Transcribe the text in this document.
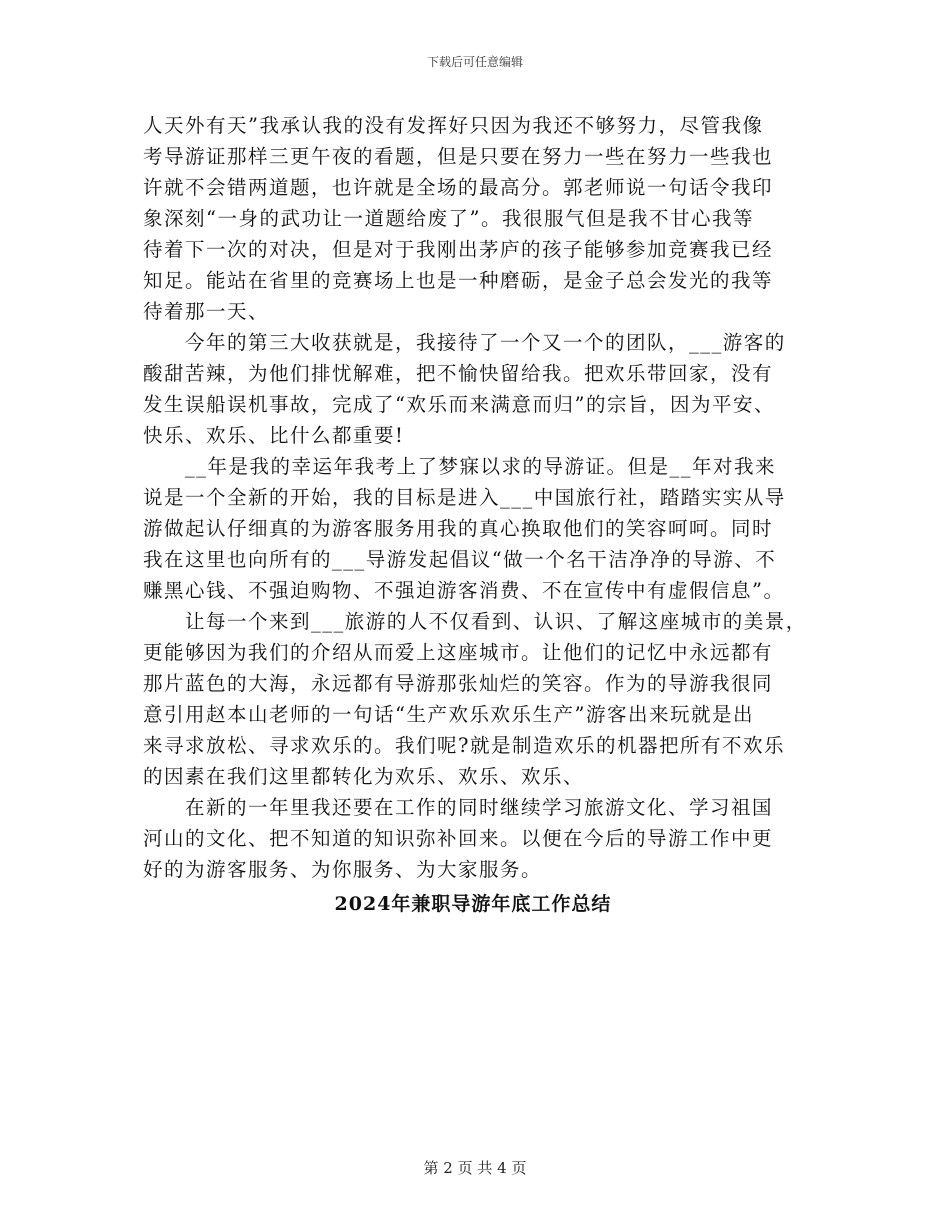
下载后可任意编辑
人天外有天”我承认我的没有发挥好只因为我还不够努力，尽管我像
考导游证那样三更午夜的看题，但是只要在努力一些在努力一些我也
许就不会错两道题，也许就是全场的最高分。郭老师说一句话令我印
象深刻“一身的武功让一道题给废了”。我很服气但是我不甘心我等
待着下一次的对决，但是对于我刚出茅庐的孩子能够参加竞赛我已经
知足。能站在省里的竞赛场上也是一种磨砺，是金子总会发光的我等
待着那一天、
今年的第三大收获就是，我接待了一个又一个的团队，___游客的
酸甜苦辣，为他们排忧解难，把不愉快留给我。把欢乐带回家，没有
发生误船误机事故，完成了“欢乐而来满意而归”的宗旨，因为平安、
快乐、欢乐、比什么都重要!
__年是我的幸运年我考上了梦寐以求的导游证。但是__年对我来
说是一个全新的开始，我的目标是进入___中国旅行社，踏踏实实从导
游做起认仔细真的为游客服务用我的真心换取他们的笑容呵呵。同时
我在这里也向所有的___导游发起倡议“做一个名干洁净净的导游、不
赚黑心钱、不强迫购物、不强迫游客消费、不在宣传中有虚假信息”。
让每一个来到___旅游的人不仅看到、认识、了解这座城市的美景，
更能够因为我们的介绍从而爱上这座城市。让他们的记忆中永远都有
那片蓝色的大海，永远都有导游那张灿烂的笑容。作为的导游我很同
意引用赵本山老师的一句话“生产欢乐欢乐生产”游客出来玩就是出
来寻求放松、寻求欢乐的。我们呢?就是制造欢乐的机器把所有不欢乐
的因素在我们这里都转化为欢乐、欢乐、欢乐、
在新的一年里我还要在工作的同时继续学习旅游文化、学习祖国
河山的文化、把不知道的知识弥补回来。以便在今后的导游工作中更
好的为游客服务、为你服务、为大家服务。
2024年兼职导游年底工作总结
第 2 页 共 4 页
